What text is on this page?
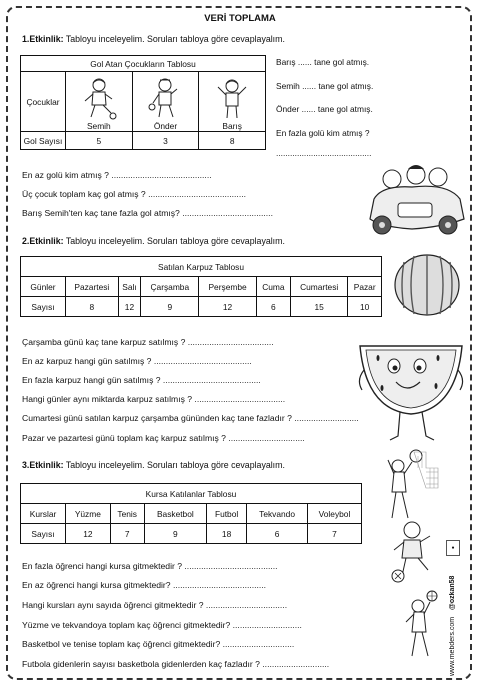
VERİ TOPLAMA
1.Etkinlik: Tabloyu inceleyelim. Soruları tabloya göre cevaplayalım.
Gol Atan Çocukların Tablosu			
Çocuklar	Semih	Önder	Barış

Gol Sayısı	5	3	8
Barış ...... tane gol atmış.
Semih ...... tane gol atmış.
Önder ...... tane gol atmış.
En fazla golü kim atmış ?
.........................................
En az golü kim atmış ? ..........................................
Üç çocuk toplam kaç gol atmış ? .........................................
Barış Semih'ten kaç tane fazla gol atmış? ......................................
2.Etkinlik: Tabloyu inceleyelim. Soruları tabloya göre cevaplayalım.
Satılan Karpuz Tablosu							
Günler	Pazartesi	Salı	Çarşamba	Perşembe	Cuma	Cumartesi	Pazar
Sayısı	8	12	9	12	6	15	10
Çarşamba günü kaç tane karpuz satılmış ? ....................................
En az karpuz hangi gün satılmış ? .........................................
En fazla karpuz hangi gün satılmış ? .........................................
Hangi günler aynı miktarda karpuz satılmış ? ......................................
Cumartesi günü satılan karpuz çarşamba gününden kaç tane fazladır ? ...........................
Pazar ve pazartesi günü toplam kaç karpuz satılmış ? ................................
3.Etkinlik: Tabloyu inceleyelim. Soruları tabloya göre cevaplayalım.
Kursa Katılanlar Tablosu						
Kurslar	Yüzme	Tenis	Basketbol	Futbol	Tekvando	Voleybol
Sayısı	12	7	9	18	6	7
●
En fazla öğrenci hangi kursa gitmektedir ? .......................................
En az öğrenci hangi kursa gitmektedir? .......................................
Hangi kursları aynı sayıda öğrenci gitmektedir ? ..................................
Yüzme ve tekvandoya toplam kaç öğrenci gitmektedir? .............................
Basketbol ve tenise toplam kaç öğrenci gitmektedir? ..............................
Futbola gidenlerin sayısı basketbola gidenlerden kaç fazladır ? ............................
@ozkan58
www.mebders.com
